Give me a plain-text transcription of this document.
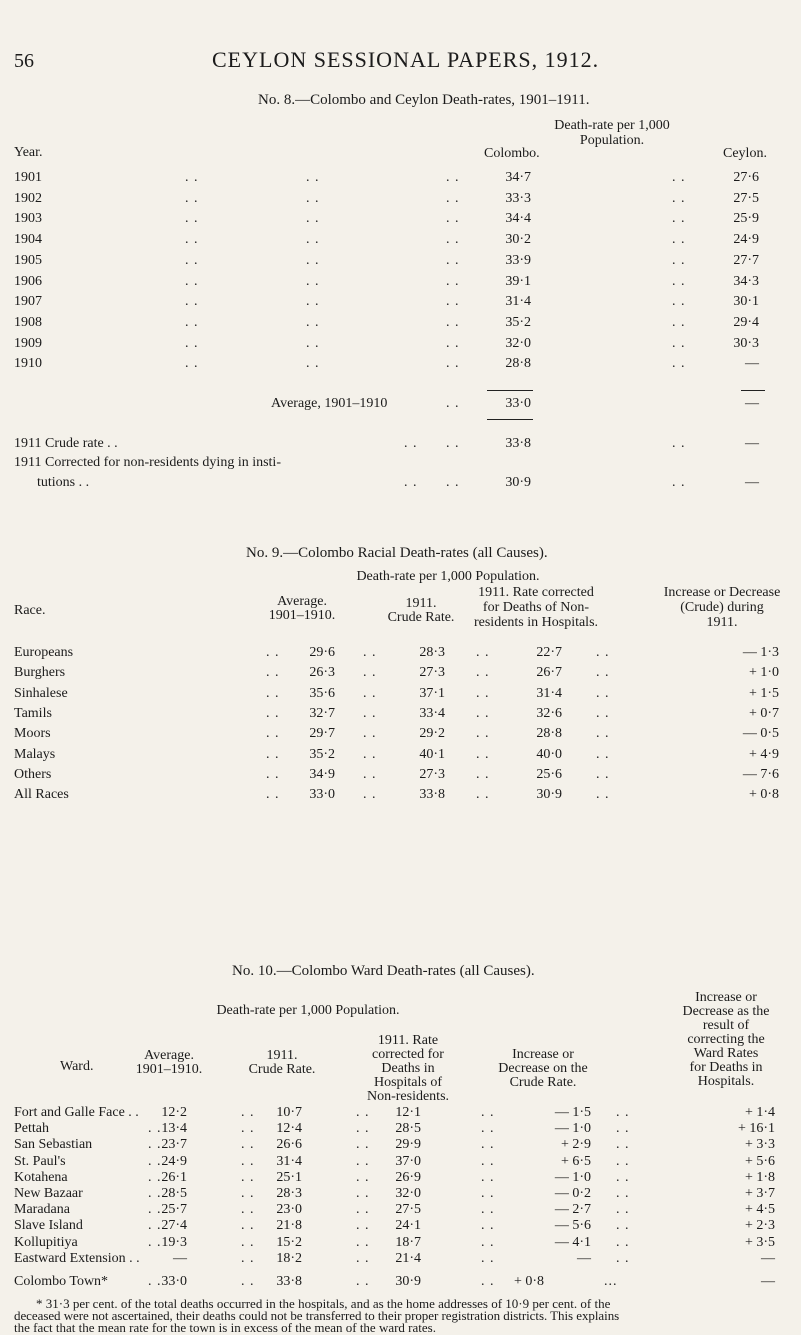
56	CEYLON SESSIONAL PAPERS, 1912.
No. 8.—Colombo and Ceylon Death-rates, 1901–1911.
Death-rate per 1,000
Population.
Year.	Colombo.	Ceylon.
1901	. .	. .	. .	34·7	. .	27·6
1902	. .	. .	. .	33·3	. .	27·5
1903	. .	. .	. .	34·4	. .	25·9
1904	. .	. .	. .	30·2	. .	24·9
1905	. .	. .	. .	33·9	. .	27·7
1906	. .	. .	. .	39·1	. .	34·3
1907	. .	. .	. .	31·4	. .	30·1
1908	. .	. .	. .	35·2	. .	29·4
1909	. .	. .	. .	32·0	. .	30·3
1910	. .	. .	. .	28·8	. .	—
Average, 1901–1910	. .	33·0	—
1911 Crude rate . .	. . . .	33·8	. .	—
1911 Corrected for non-residents dying in insti-
tutions . .	. . . .	30·9	. .	—
No. 9.—Colombo Racial Death-rates (all Causes).
Death-rate per 1,000 Population.
Race.
Average.
1901–1910.
1911.
Crude Rate.
1911. Rate corrected
for Deaths of Non-
residents in Hospitals.
Increase or Decrease
(Crude) during
1911.
Europeans	. . 29·6 . .	28·3 . .	22·7 . .	— 1·3
Burghers	. . 26·3 . .	27·3 . .	26·7 . .	+ 1·0
Sinhalese	. . 35·6 . .	37·1 . .	31·4 . .	+ 1·5
Tamils	. . 32·7 . .	33·4 . .	32·6 . .	+ 0·7
Moors	. . 29·7 . .	29·2 . .	28·8 . .	— 0·5
Malays	. . 35·2 . .	40·1 . .	40·0 . .	+ 4·9
Others	. . 34·9 . .	27·3 . .	25·6 . .	— 7·6
All Races	. . 33·0 . .	33·8 . .	30·9 . .	+ 0·8
No. 10.—Colombo Ward Death-rates (all Causes).
Death-rate per 1,000 Population.
Ward.
Average.
1901–1910.
1911.
Crude Rate.
1911. Rate
corrected for
Deaths in
Hospitals of
Non-residents.
Increase or
Decrease on the
Crude Rate.
Increase or
Decrease as the
result of
correcting the
Ward Rates
for Deaths in
Hospitals.
Fort and Galle Face . . 12·2	. . 10·7	. . 12·1	. .	— 1·5 . .	+ 1·4
Pettah	. . 13·4	. . 12·4	. . 28·5	. .	— 1·0 . .	+ 16·1
San Sebastian	. . 23·7	. . 26·6	. . 29·9	. .	+ 2·9 . .	+ 3·3
St. Paul's	. . 24·9	. . 31·4	. . 37·0	. .	+ 6·5 . .	+ 5·6
Kotahena	. . 26·1	. . 25·1	. . 26·9	. .	— 1·0 . .	+ 1·8
New Bazaar	. . 28·5	. . 28·3	. . 32·0	. .	— 0·2 . .	+ 3·7
Maradana	. . 25·7	. . 23·0	. . 27·5	. .	— 2·7 . .	+ 4·5
Slave Island	. . 27·4	. . 21·8	. . 24·1	. .	— 5·6 . .	+ 2·3
Kollupitiya	. . 19·3	. . 15·2	. . 18·7	. .	— 4·1 . .	+ 3·5
Eastward Extension . . —	. . 18·2	. . 21·4	. .	— . .	—
Colombo Town*	. . 33·0	. . 33·8	. . 30·9	. . + 0·8	...	—
* 31·3 per cent. of the total deaths occurred in the hospitals, and as the home addresses of 10·9 per cent. of the
deceased were not ascertained, their deaths could not be transferred to their proper registration districts. This explains
the fact that the mean rate for the town is in excess of the mean of the ward rates.
